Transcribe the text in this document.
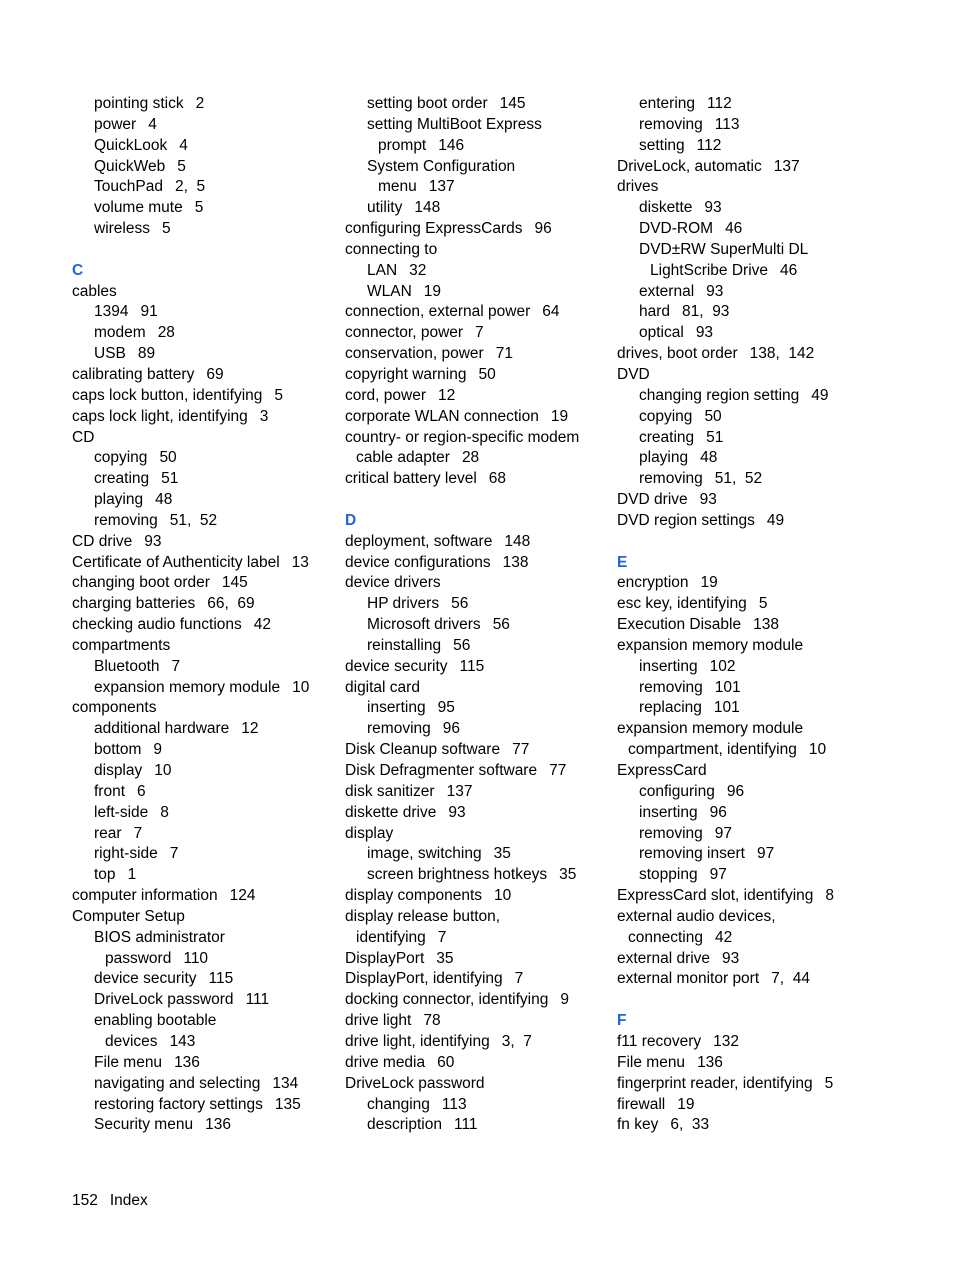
pointing stick 2
power 4
QuickLook 4
QuickWeb 5
TouchPad 2,  5
volume mute 5
wireless 5
C
cables
1394 91
modem 28
USB 89
calibrating battery 69
caps lock button, identifying 5
caps lock light, identifying 3
CD
copying 50
creating 51
playing 48
removing 51,  52
CD drive 93
Certificate of Authenticity label 13
changing boot order 145
charging batteries 66,  69
checking audio functions 42
compartments
Bluetooth 7
expansion memory module 10
components
additional hardware 12
bottom 9
display 10
front 6
left-side 8
rear 7
right-side 7
top 1
computer information 124
Computer Setup
BIOS administrator
password 110
device security 115
DriveLock password 111
enabling bootable
devices 143
File menu 136
navigating and selecting 134
restoring factory settings 135
Security menu 136
setting boot order 145
setting MultiBoot Express
prompt 146
System Configuration
menu 137
utility 148
configuring ExpressCards 96
connecting to
LAN 32
WLAN 19
connection, external power 64
connector, power 7
conservation, power 71
copyright warning 50
cord, power 12
corporate WLAN connection 19
country- or region-specific modem
cable adapter 28
critical battery level 68
D
deployment, software 148
device configurations 138
device drivers
HP drivers 56
Microsoft drivers 56
reinstalling 56
device security 115
digital card
inserting 95
removing 96
Disk Cleanup software 77
Disk Defragmenter software 77
disk sanitizer 137
diskette drive 93
display
image, switching 35
screen brightness hotkeys 35
display components 10
display release button,
identifying 7
DisplayPort 35
DisplayPort, identifying 7
docking connector, identifying 9
drive light 78
drive light, identifying 3,  7
drive media 60
DriveLock password
changing 113
description 111
entering 112
removing 113
setting 112
DriveLock, automatic 137
drives
diskette 93
DVD-ROM 46
DVD±RW SuperMulti DL
LightScribe Drive 46
external 93
hard 81,  93
optical 93
drives, boot order 138,  142
DVD
changing region setting 49
copying 50
creating 51
playing 48
removing 51,  52
DVD drive 93
DVD region settings 49
E
encryption 19
esc key, identifying 5
Execution Disable 138
expansion memory module
inserting 102
removing 101
replacing 101
expansion memory module
compartment, identifying 10
ExpressCard
configuring 96
inserting 96
removing 97
removing insert 97
stopping 97
ExpressCard slot, identifying 8
external audio devices,
connecting 42
external drive 93
external monitor port 7,  44
F
f11 recovery 132
File menu 136
fingerprint reader, identifying 5
firewall 19
fn key 6,  33
152 Index
